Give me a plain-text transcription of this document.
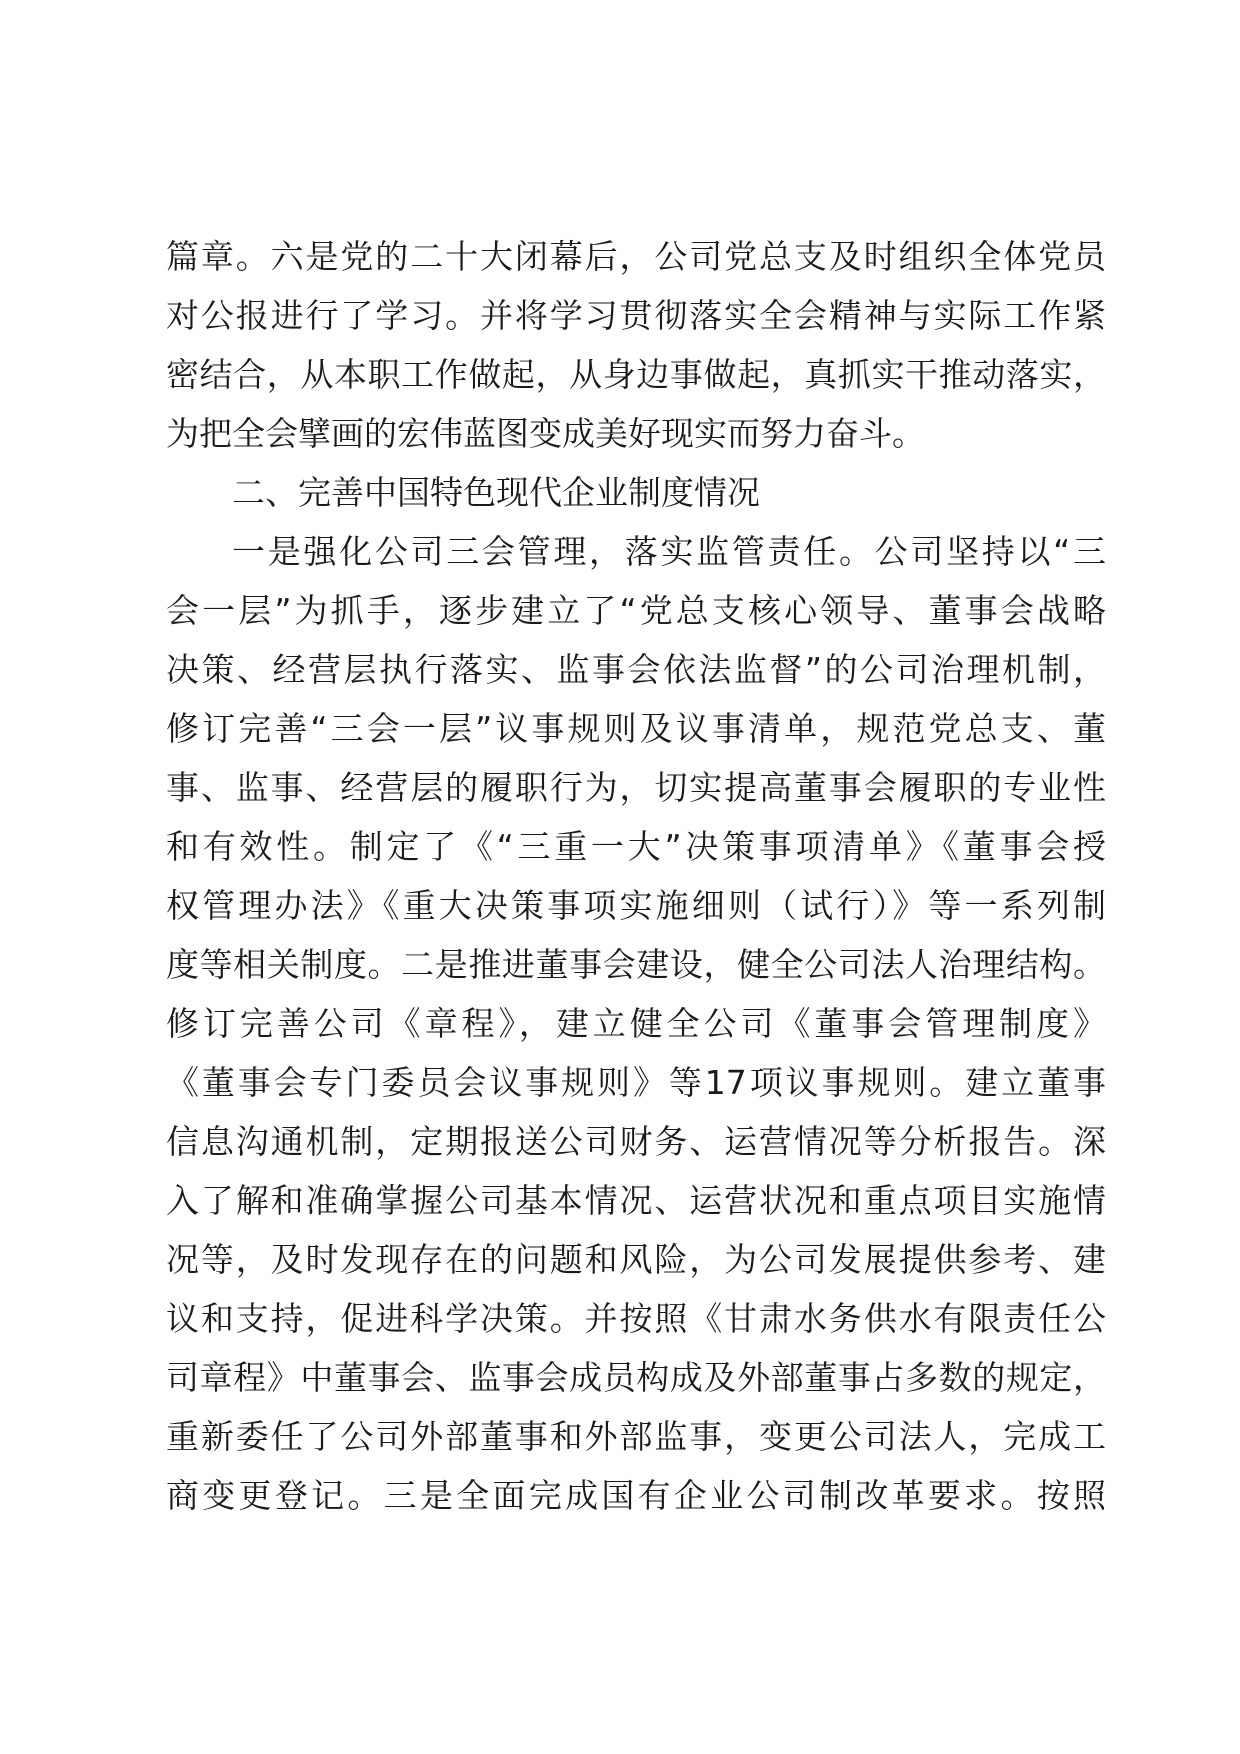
篇章。六是党的二十大闭幕后，公司党总支及时组织全体党员
对公报进行了学习。并将学习贯彻落实全会精神与实际工作紧
密结合，从本职工作做起，从身边事做起，真抓实干推动落实，
为把全会擘画的宏伟蓝图变成美好现实而努力奋斗。
二、完善中国特色现代企业制度情况
一是强化公司三会管理，落实监管责任。公司坚持以“三
会一层”为抓手，逐步建立了“党总支核心领导、董事会战略
决策、经营层执行落实、监事会依法监督”的公司治理机制，
修订完善“三会一层”议事规则及议事清单，规范党总支、董
事、监事、经营层的履职行为，切实提高董事会履职的专业性
和有效性。制定了《“三重一大”决策事项清单》《董事会授
权管理办法》《重大决策事项实施细则（试行）》等一系列制
度等相关制度。二是推进董事会建设，健全公司法人治理结构。
修订完善公司《章程》，建立健全公司《董事会管理制度》
《董事会专门委员会议事规则》等17项议事规则。建立董事
信息沟通机制，定期报送公司财务、运营情况等分析报告。深
入了解和准确掌握公司基本情况、运营状况和重点项目实施情
况等，及时发现存在的问题和风险，为公司发展提供参考、建
议和支持，促进科学决策。并按照《甘肃水务供水有限责任公
司章程》中董事会、监事会成员构成及外部董事占多数的规定，
重新委任了公司外部董事和外部监事，变更公司法人，完成工
商变更登记。三是全面完成国有企业公司制改革要求。按照
